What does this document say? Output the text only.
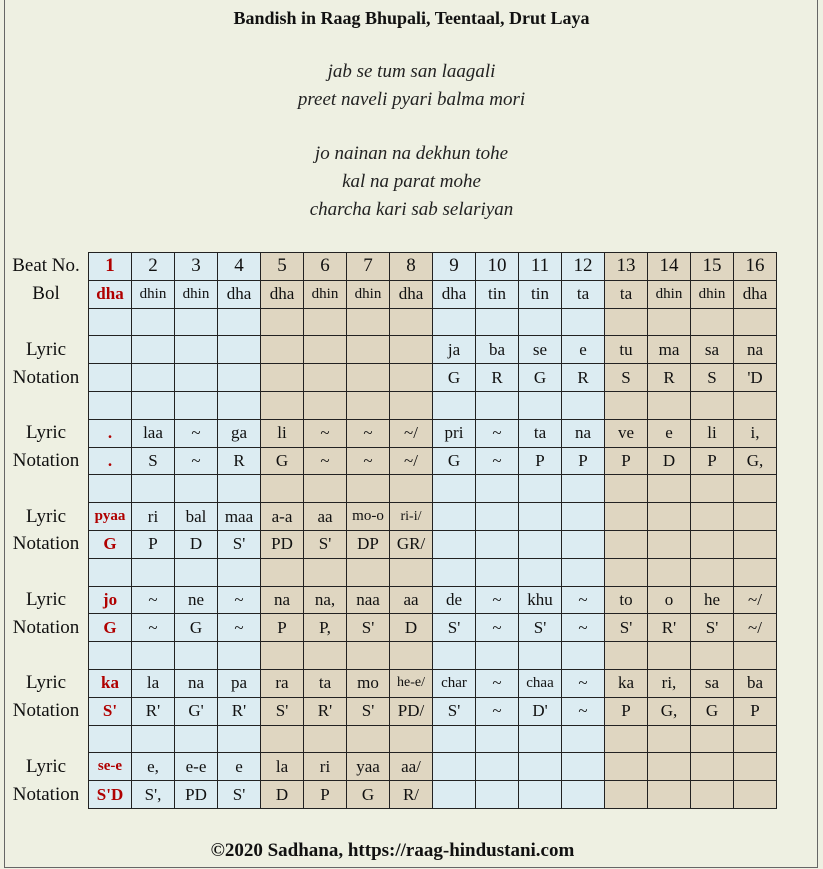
Bandish in Raag Bhupali, Teentaal, Drut Laya
jab se tum san laagali
preet naveli pyari balma mori
jo nainan na dekhun tohe
kal na parat mohe
charcha kari sab selariyan
Beat No.	1	2	3	4	5	6	7	8	9	10	11	12	13	14	15	16
Bol	dha	dhin	dhin	dha	dha	dhin	dhin	dha	dha	tin	tin	ta	ta	dhin	dhin	dha

Lyric									ja	ba	se	e	tu	ma	sa	na
Notation									G	R	G	R	S	R	S	'D

Lyric	.	laa	~	ga	li	~	~	~/	pri	~	ta	na	ve	e	li	i,
Notation	.	S	~	R	G	~	~	~/	G	~	P	P	P	D	P	G,

Lyric	pyaa	ri	bal	maa	a-a	aa	mo-o	ri-i/								
Notation	G	P	D	S'	PD	S'	DP	GR/								

Lyric	jo	~	ne	~	na	na,	naa	aa	de	~	khu	~	to	o	he	~/
Notation	G	~	G	~	P	P,	S'	D	S'	~	S'	~	S'	R'	S'	~/

Lyric	ka	la	na	pa	ra	ta	mo	he-e/	char	~	chaa	~	ka	ri,	sa	ba
Notation	S'	R'	G'	R'	S'	R'	S'	PD/	S'	~	D'	~	P	G,	G	P

Lyric	se-e	e,	e-e	e	la	ri	yaa	aa/								
Notation	S'D	S',	PD	S'	D	P	G	R/								
©2020 Sadhana, https://raag-hindustani.com
